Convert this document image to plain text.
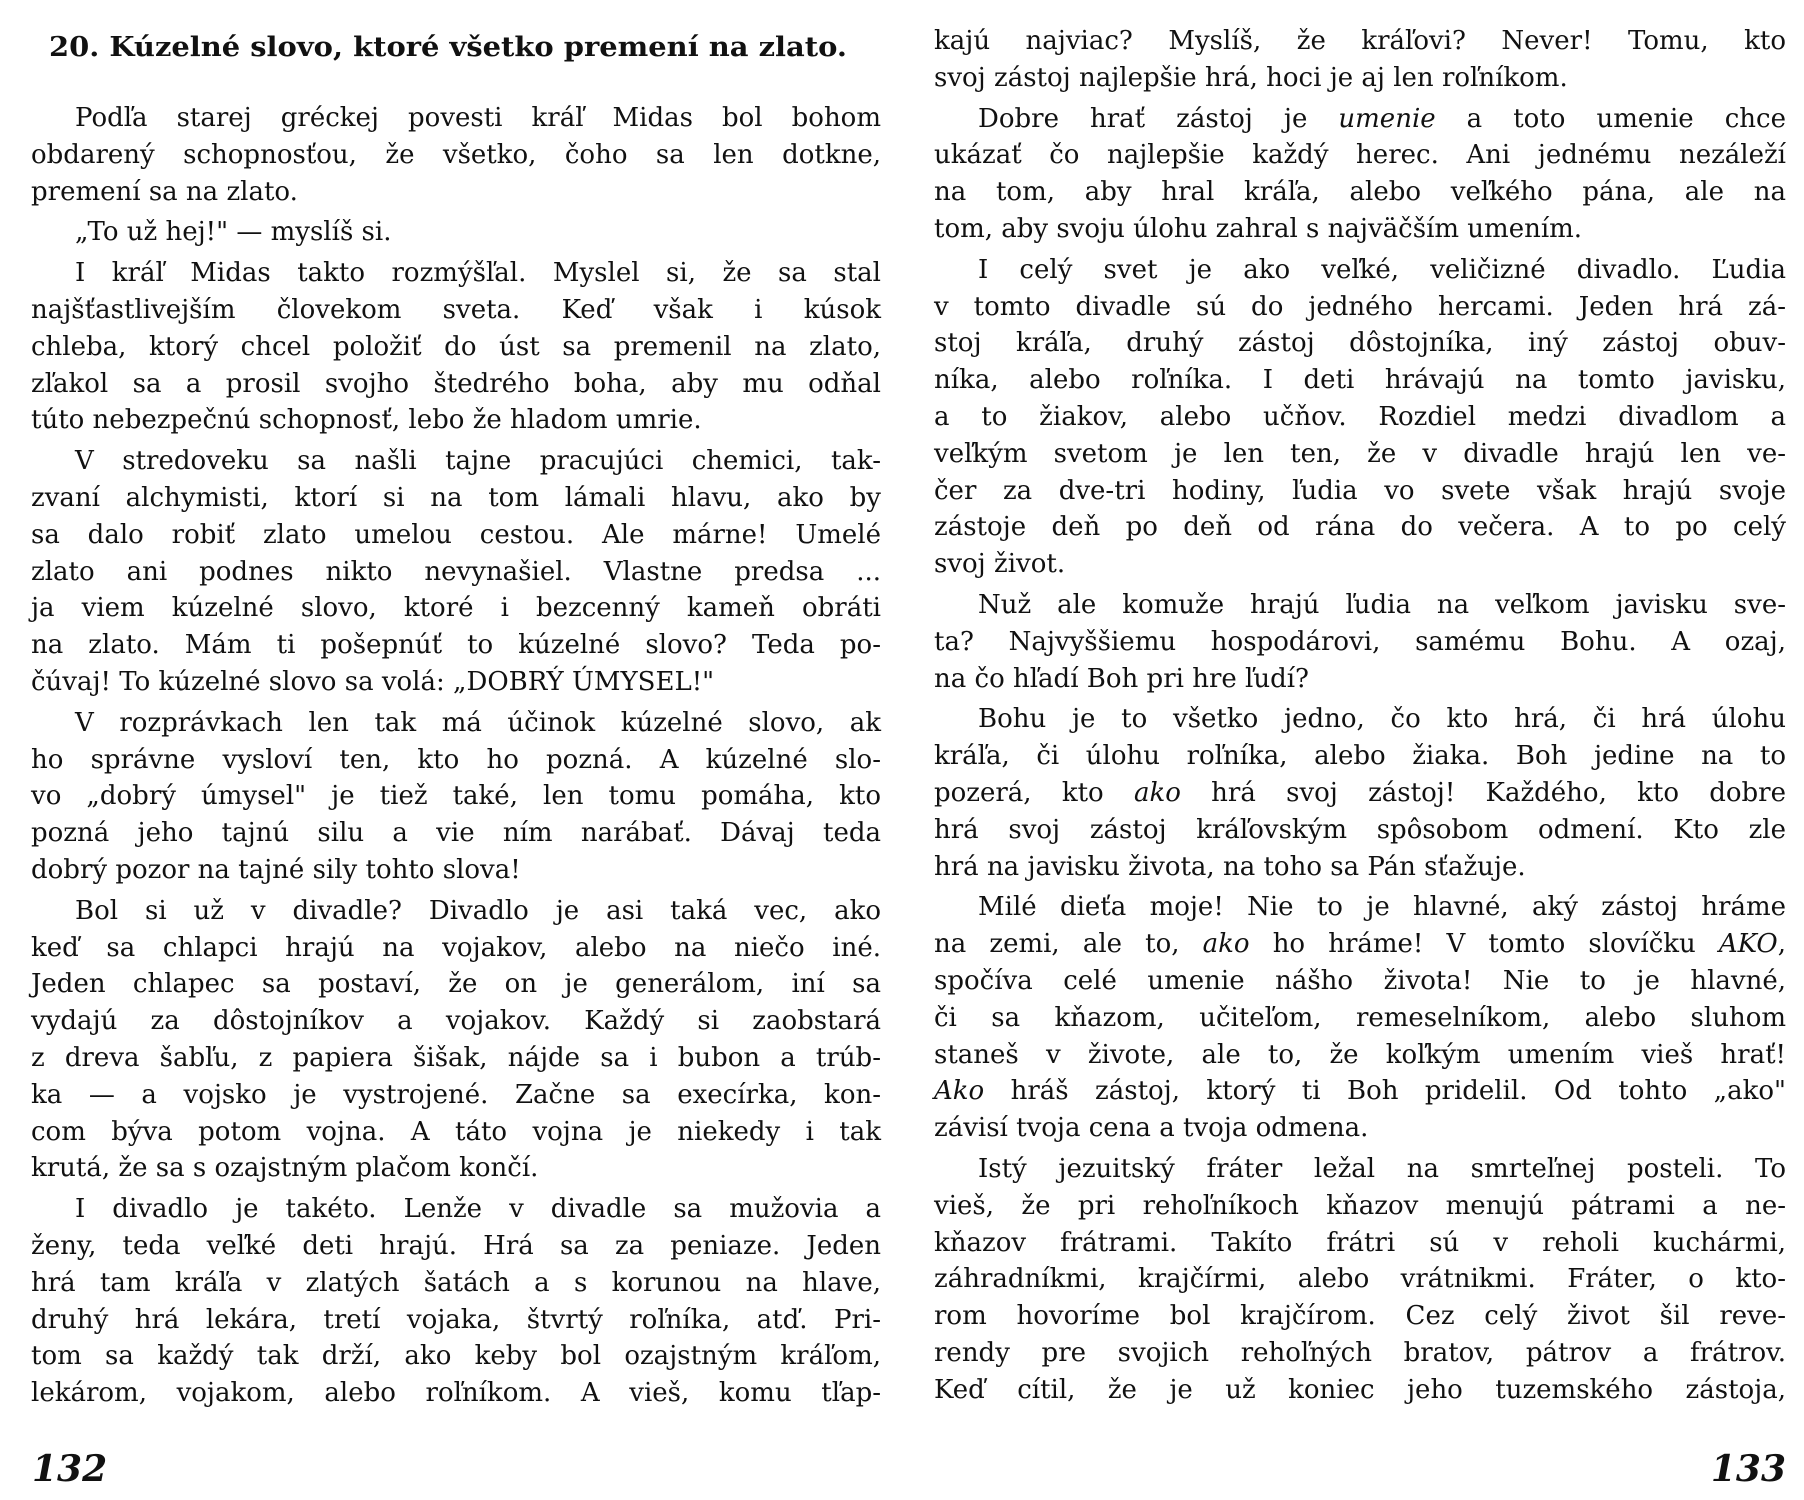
20. Kúzelné slovo, ktoré všetko premení na zlato.
Podľa starej gréckej povesti kráľ Midas bol bohom
obdarený schopnosťou, že všetko, čoho sa len dotkne,
premení sa na zlato.
„To už hej!" — myslíš si.
I kráľ Midas takto rozmýšľal. Myslel si, že sa stal
najšťastlivejším človekom sveta. Keď však i kúsok
chleba, ktorý chcel položiť do úst sa premenil na zlato,
zľakol sa a prosil svojho štedrého boha, aby mu odňal
túto nebezpečnú schopnosť, lebo že hladom umrie.
V stredoveku sa našli tajne pracujúci chemici, tak-
zvaní alchymisti, ktorí si na tom lámali hlavu, ako by
sa dalo robiť zlato umelou cestou. Ale márne! Umelé
zlato ani podnes nikto nevynašiel. Vlastne predsa ...
ja viem kúzelné slovo, ktoré i bezcenný kameň obráti
na zlato. Mám ti pošepnúť to kúzelné slovo? Teda po-
čúvaj! To kúzelné slovo sa volá: „DOBRÝ ÚMYSEL!"
V rozprávkach len tak má účinok kúzelné slovo, ak
ho správne vysloví ten, kto ho pozná. A kúzelné slo-
vo „dobrý úmysel" je tiež také, len tomu pomáha, kto
pozná jeho tajnú silu a vie ním narábať. Dávaj teda
dobrý pozor na tajné sily tohto slova!
Bol si už v divadle? Divadlo je asi taká vec, ako
keď sa chlapci hrajú na vojakov, alebo na niečo iné.
Jeden chlapec sa postaví, že on je generálom, iní sa
vydajú za dôstojníkov a vojakov. Každý si zaobstará
z dreva šabľu, z papiera šišak, nájde sa i bubon a trúb-
ka — a vojsko je vystrojené. Začne sa execírka, kon-
com býva potom vojna. A táto vojna je niekedy i tak
krutá, že sa s ozajstným plačom končí.
I divadlo je takéto. Lenže v divadle sa mužovia a
ženy, teda veľké deti hrajú. Hrá sa za peniaze. Jeden
hrá tam kráľa v zlatých šatách a s korunou na hlave,
druhý hrá lekára, tretí vojaka, štvrtý roľníka, atď. Pri-
tom sa každý tak drží, ako keby bol ozajstným kráľom,
lekárom, vojakom, alebo roľníkom. A vieš, komu tľap-
kajú najviac? Myslíš, že kráľovi? Never! Tomu, kto
svoj zástoj najlepšie hrá, hoci je aj len roľníkom.
Dobre hrať zástoj je umenie a toto umenie chce
ukázať čo najlepšie každý herec. Ani jednému nezáleží
na tom, aby hral kráľa, alebo veľkého pána, ale na
tom, aby svoju úlohu zahral s najväčším umením.
I celý svet je ako veľké, veličizné divadlo. Ľudia
v tomto divadle sú do jedného hercami. Jeden hrá zá-
stoj kráľa, druhý zástoj dôstojníka, iný zástoj obuv-
níka, alebo roľníka. I deti hrávajú na tomto javisku,
a to žiakov, alebo učňov. Rozdiel medzi divadlom a
veľkým svetom je len ten, že v divadle hrajú len ve-
čer za dve-tri hodiny, ľudia vo svete však hrajú svoje
zástoje deň po deň od rána do večera. A to po celý
svoj život.
Nuž ale komuže hrajú ľudia na veľkom javisku sve-
ta? Najvyššiemu hospodárovi, samému Bohu. A ozaj,
na čo hľadí Boh pri hre ľudí?
Bohu je to všetko jedno, čo kto hrá, či hrá úlohu
kráľa, či úlohu roľníka, alebo žiaka. Boh jedine na to
pozerá, kto ako hrá svoj zástoj! Každého, kto dobre
hrá svoj zástoj kráľovským spôsobom odmení. Kto zle
hrá na javisku života, na toho sa Pán sťažuje.
Milé dieťa moje! Nie to je hlavné, aký zástoj hráme
na zemi, ale to, ako ho hráme! V tomto slovíčku AKO,
spočíva celé umenie nášho života! Nie to je hlavné,
či sa kňazom, učiteľom, remeselníkom, alebo sluhom
staneš v živote, ale to, že koľkým umením vieš hrať!
Ako hráš zástoj, ktorý ti Boh pridelil. Od tohto „ako"
závisí tvoja cena a tvoja odmena.
Istý jezuitský fráter ležal na smrteľnej posteli. To
vieš, že pri rehoľníkoch kňazov menujú pátrami a ne-
kňazov frátrami. Takíto frátri sú v reholi kuchármi,
záhradníkmi, krajčírmi, alebo vrátnikmi. Fráter, o kto-
rom hovoríme bol krajčírom. Cez celý život šil reve-
rendy pre svojich rehoľných bratov, pátrov a frátrov.
Keď cítil, že je už koniec jeho tuzemského zástoja,
132	133
